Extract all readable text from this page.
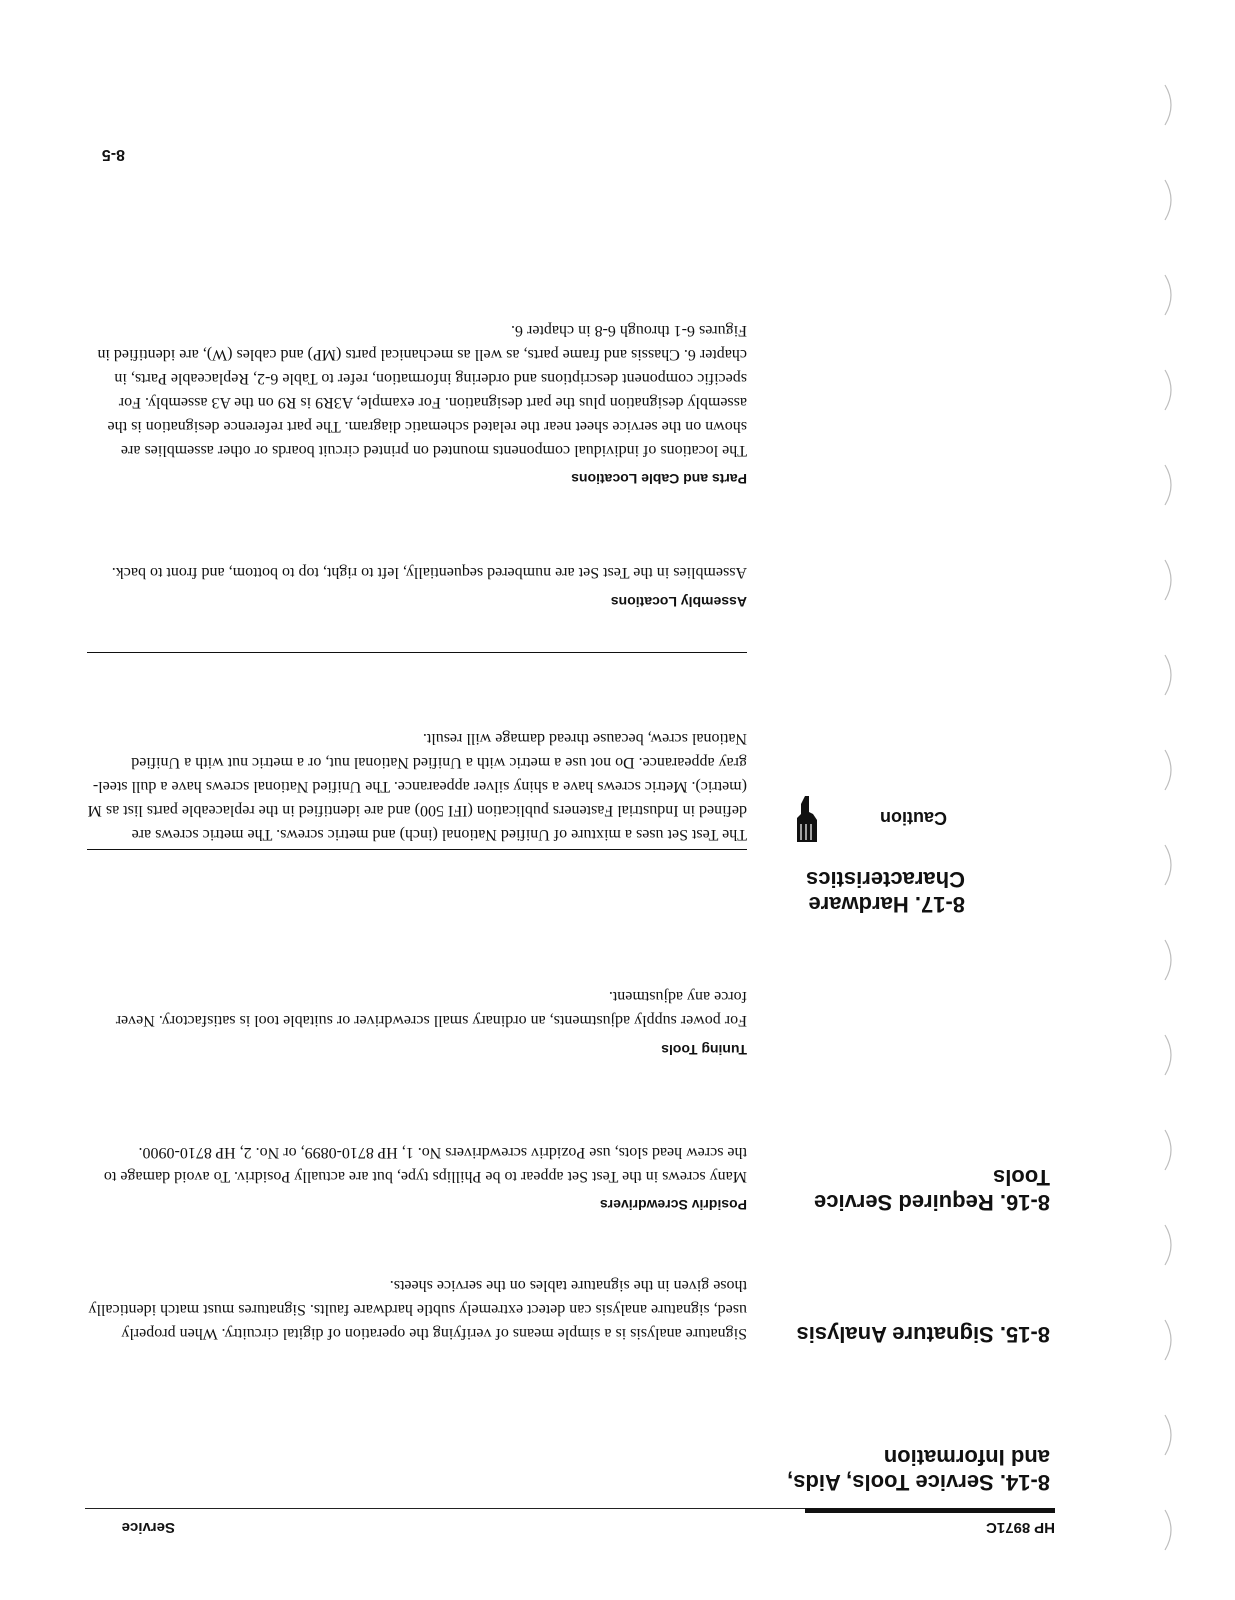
HP 8971C
Service
8-14. Service Tools, Aids, and Information
8-15. Signature Analysis

Signature analysis is a simple means of verifying the operation of digital circuitry. When properly used, signature analysis can detect extremely subtle hardware faults. Signatures must match identically those given in the signature tables on the service sheets.

8-16. Required Service Tools
Posidriv Screwdrivers

Many screws in the Test Set appear to be Phillips type, but are actually Posidriv. To avoid damage to the screw head slots, use Pozidriv screwdrivers No. 1, HP 8710-0899, or No. 2, HP 8710-0900.

Tuning Tools

For power supply adjustments, an ordinary small screwdriver or suitable tool is satisfactory. Never force any adjustment.

8-17. Hardware Characteristics
Caution

The Test Set uses a mixture of Unified National (inch) and metric screws. The metric screws are defined in Industrial Fasteners publication (IFI 500) and are identified in the replaceable parts list as M (metric). Metric screws have a shiny silver appearance. The Unified National screws have a dull steel-gray appearance. Do not use a metric with a Unified National nut, or a metric nut with a Unified National screw, because thread damage will result.

Assembly Locations

Assemblies in the Test Set are numbered sequentially, left to right, top to bottom, and front to back.

Parts and Cable Locations

The locations of individual components mounted on printed circuit boards or other assemblies are shown on the service sheet near the related schematic diagram. The part reference designation is the assembly designation plus the part designation. For example, A3R9 is R9 on the A3 assembly. For specific component descriptions and ordering information, refer to Table 6-2, Replaceable Parts, in chapter 6. Chassis and frame parts, as well as mechanical parts (MP) and cables (W), are identified in Figures 6-1 through 6-8 in chapter 6.

8-5
